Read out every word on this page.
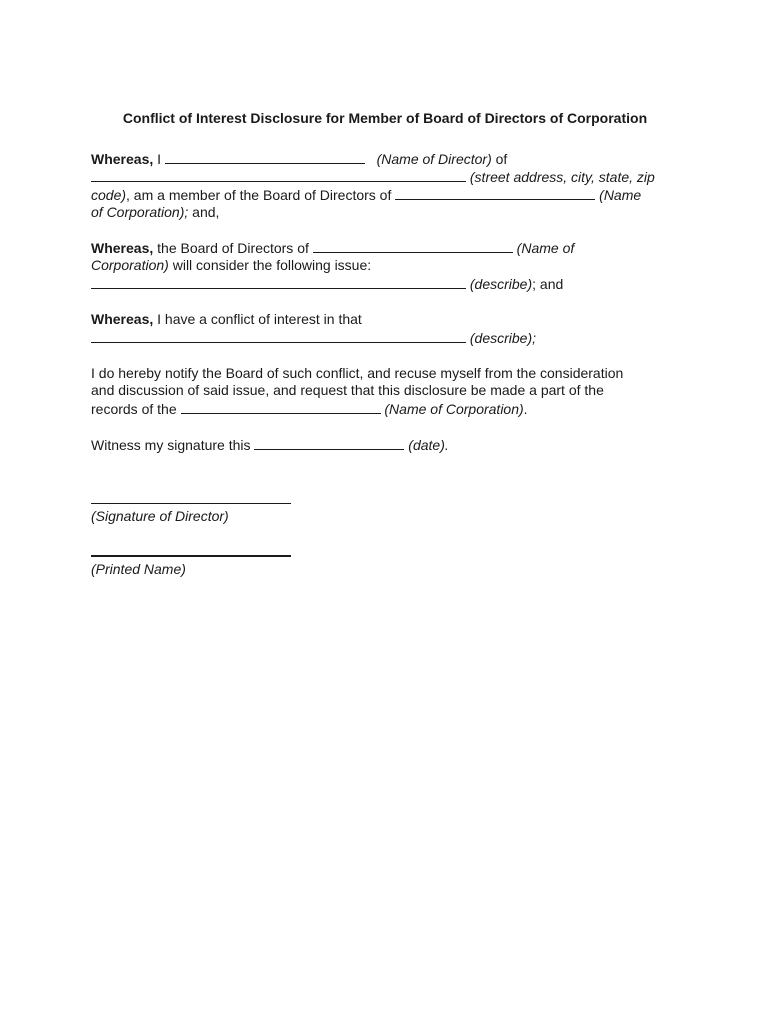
Conflict of Interest Disclosure for Member of Board of Directors of Corporation
Whereas, I	(Name of Director) of
(street address, city, state, zip
code), am a member of the Board of Directors of	(Name
of Corporation); and,
Whereas, the Board of Directors of	(Name of
Corporation) will consider the following issue:
(describe); and
Whereas, I have a conflict of interest in that
(describe);
I do hereby notify the Board of such conflict, and recuse myself from the consideration
and discussion of said issue, and request that this disclosure be made a part of the
records of the	(Name of Corporation).
Witness my signature this	(date).
(Signature of Director)
(Printed Name)
